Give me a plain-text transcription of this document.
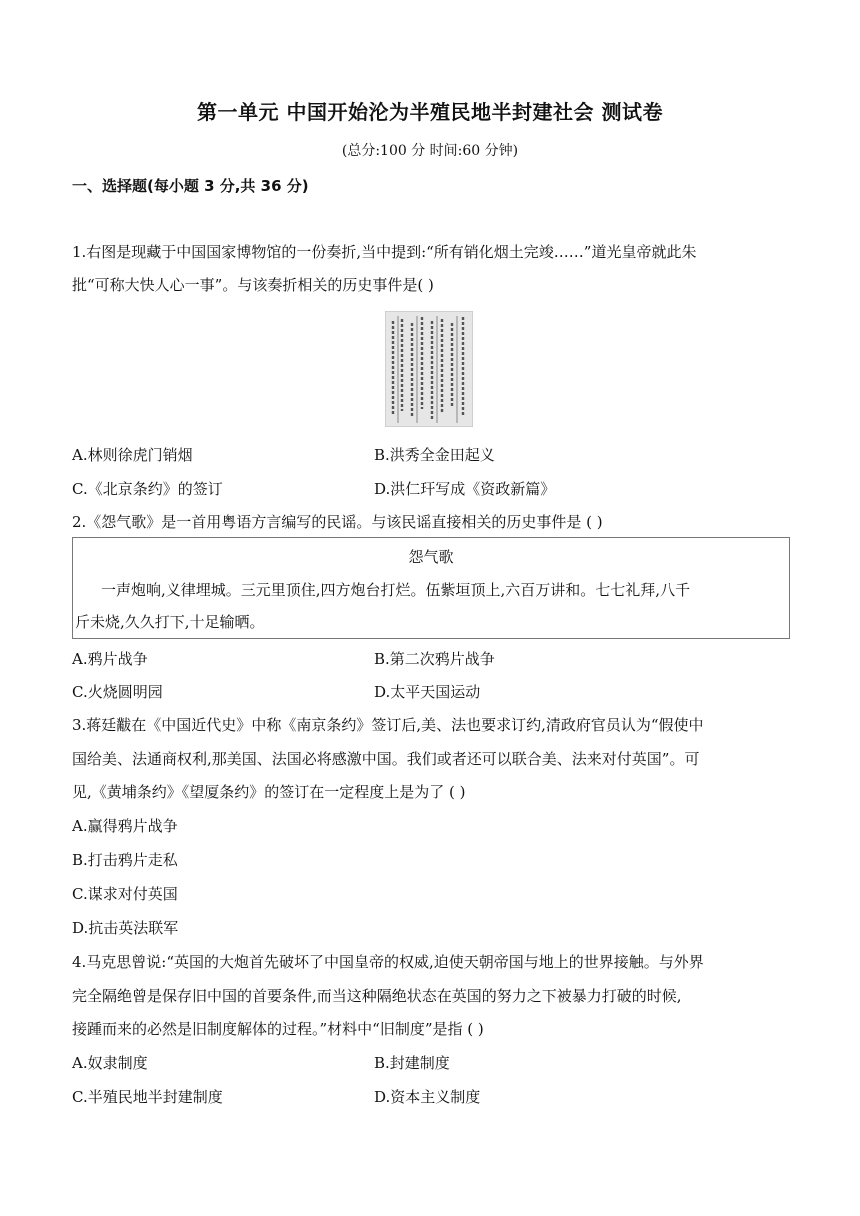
第一单元 中国开始沦为半殖民地半封建社会 测试卷
(总分:100 分 时间:60 分钟)
一、选择题(每小题 3 分,共 36 分)
1.右图是现藏于中国国家博物馆的一份奏折,当中提到:“所有销化烟土完竣……”道光皇帝就此朱
批“可称大快人心一事”。与该奏折相关的历史事件是( )
A.林则徐虎门销烟	B.洪秀全金田起义
C.《北京条约》的签订	D.洪仁玕写成《资政新篇》
2.《怨气歌》是一首用粤语方言编写的民谣。与该民谣直接相关的历史事件是 ( )
怨气歌
一声炮响,义律埋城。三元里顶住,四方炮台打烂。伍紫垣顶上,六百万讲和。七七礼拜,八千
斤未烧,久久打下,十足输晒。
A.鸦片战争	B.第二次鸦片战争
C.火烧圆明园	D.太平天国运动
3.蒋廷黻在《中国近代史》中称《南京条约》签订后,美、法也要求订约,清政府官员认为“假使中
国给美、法通商权利,那美国、法国必将感激中国。我们或者还可以联合美、法来对付英国”。可
见,《黄埔条约》《望厦条约》的签订在一定程度上是为了 ( )
A.赢得鸦片战争
B.打击鸦片走私
C.谋求对付英国
D.抗击英法联军
4.马克思曾说:“英国的大炮首先破坏了中国皇帝的权威,迫使天朝帝国与地上的世界接触。与外界
完全隔绝曾是保存旧中国的首要条件,而当这种隔绝状态在英国的努力之下被暴力打破的时候,
接踵而来的必然是旧制度解体的过程。”材料中“旧制度”是指 ( )
A.奴隶制度	B.封建制度
C.半殖民地半封建制度	D.资本主义制度
